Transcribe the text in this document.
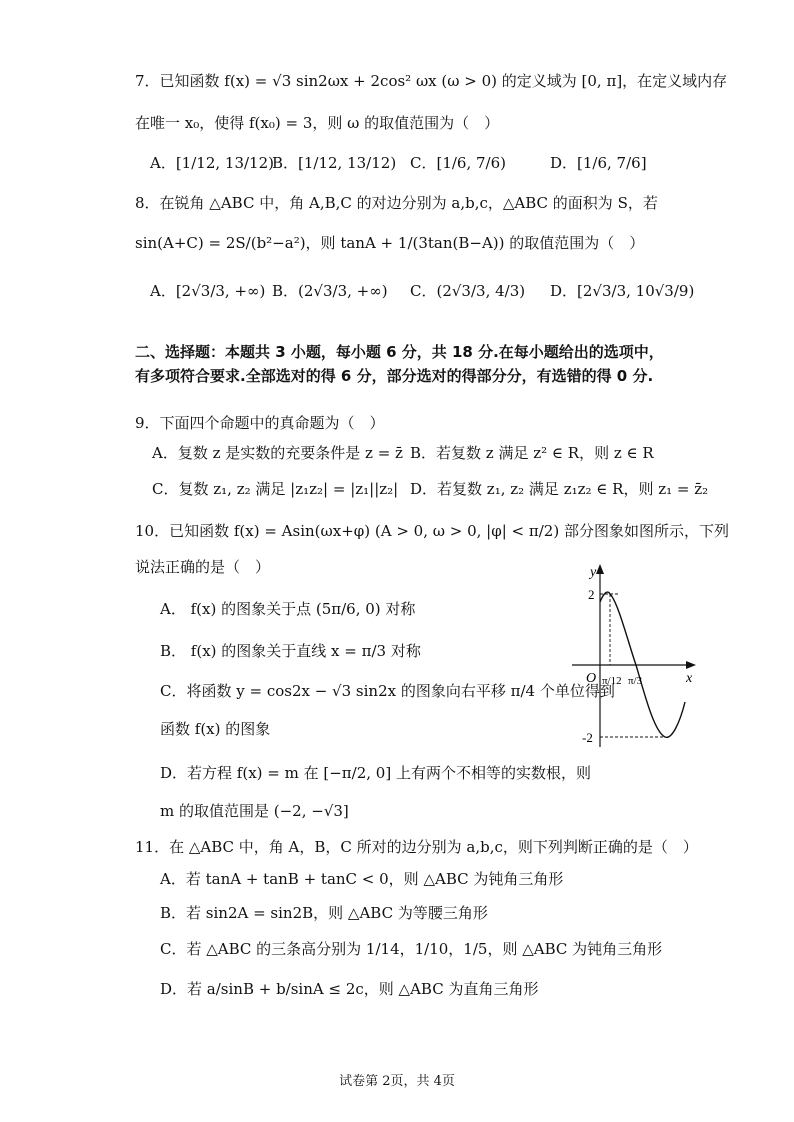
7．已知函数 f(x) = √3 sin2ωx + 2cos² ωx (ω > 0) 的定义域为 [0, π]，在定义域内存
在唯一 x₀，使得 f(x₀) = 3，则 ω 的取值范围为（　）
A．[1/12, 13/12)
B．[1/12, 13/12) C．[1/6, 7/6)	D．[1/6, 7/6]
8．在锐角 △ABC 中，角 A,B,C 的对边分别为 a,b,c，△ABC 的面积为 S，若
sin(A+C) = 2S/(b²−a²)，则 tanA + 1/(3tan(B−A)) 的取值范围为（　）
A．[2√3/3, +∞) B．(2√3/3, +∞) C．(2√3/3, 4/3) D．[2√3/3, 10√3/9)
二、选择题：本题共 3 小题，每小题 6 分，共 18 分.在每小题给出的选项中，有多项符合要求.全部选对的得 6 分，部分选对的得部分分，有选错的得 0 分.
9．下面四个命题中的真命题为（　）
A．复数 z 是实数的充要条件是 z = z̄ B．若复数 z 满足 z² ∈ R，则 z ∈ R
C．复数 z₁, z₂ 满足 |z₁z₂| = |z₁||z₂| D．若复数 z₁, z₂ 满足 z₁z₂ ∈ R，则 z₁ = z̄₂
10．已知函数 f(x) = Asin(ωx+φ) (A > 0, ω > 0, |φ| < π/2) 部分图象如图所示，下列
说法正确的是（　）
A． f(x) 的图象关于点 (5π/6, 0) 对称
B． f(x) 的图象关于直线 x = π/3 对称
C．将函数 y = cos2x − √3 sin2x 的图象向右平移 π/4 个单位得到
函数 f(x) 的图象
D．若方程 f(x) = m 在 [−π/2, 0] 上有两个不相等的实数根，则
m 的取值范围是 (−2, −√3]
y
x
O
2
-2
π/12 π/3
11．在 △ABC 中，角 A，B，C 所对的边分别为 a,b,c，则下列判断正确的是（　）
A．若 tanA + tanB + tanC < 0，则 △ABC 为钝角三角形
B．若 sin2A = sin2B，则 △ABC 为等腰三角形
C．若 △ABC 的三条高分别为 1/14，1/10，1/5，则 △ABC 为钝角三角形
D．若 a/sinB + b/sinA ≤ 2c，则 △ABC 为直角三角形
试卷第 2页，共 4页
